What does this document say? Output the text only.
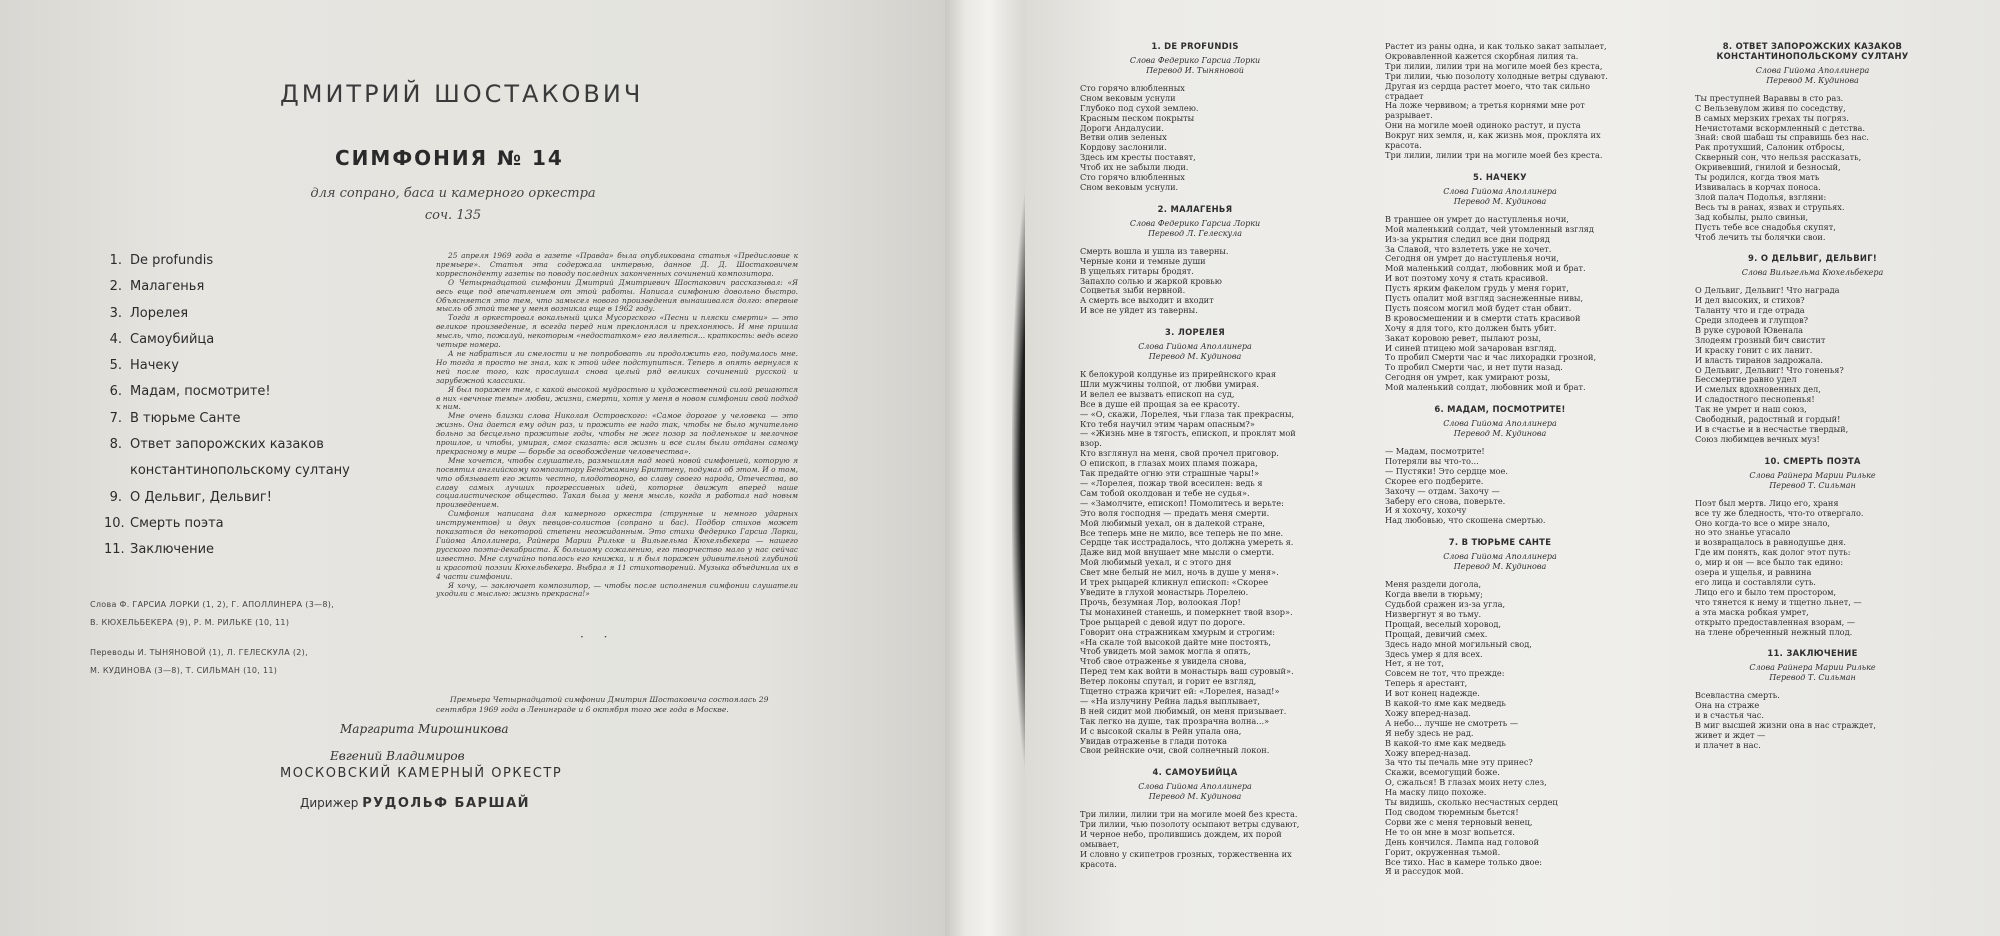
ДМИТРИЙ ШОСТАКОВИЧ
СИМФОНИЯ № 14
для сопрано, баса и камерного оркестра
соч. 135
1. De profundis
2. Малагенья
3. Лорелея
4. Самоубийца
5. Начеку
6. Мадам, посмотрите!
7. В тюрьме Санте
8. Ответ запорожских казаков
константинопольскому султану
9. О Дельвиг, Дельвиг!
10. Смерть поэта
11. Заключение
Слова Ф. ГАРСИА ЛОРКИ (1, 2), Г. АПОЛЛИНЕРА (3—8),
В. КЮХЕЛЬБЕКЕРА (9), Р. М. РИЛЬКЕ (10, 11)
Переводы И. ТЫНЯНОВОЙ (1), Л. ГЕЛЕСКУЛА (2),
М. КУДИНОВА (3—8), Т. СИЛЬМАН (10, 11)

25 апреля 1969 года в газете «Правда» была опубликована статья «Предисловие к премьере». Статья эта содержала интервью, данное Д. Д. Шостаковичем корреспонденту газеты по поводу последних законченных сочинений композитора.

О Четырнадцатой симфонии Дмитрий Дмитриевич Шостакович рассказывал: «Я весь еще под впечатлением от этой работы. Написал симфонию довольно быстро. Объясняется это тем, что замысел нового произведения вынашивался долго: впервые мысль об этой теме у меня возникла еще в 1962 году.

Тогда я оркестровал вокальный цикл Мусоргского «Песни и пляски смерти» — это великое произведение, я всегда перед ним преклонялся и преклоняюсь. И мне пришла мысль, что, пожалуй, некоторым «недостатком» его является... краткость: ведь всего четыре номера.

А не набраться ли смелости и не попробовать ли продолжить его, подумалось мне. Но тогда я просто не знал, как к этой идее подступиться. Теперь я опять вернулся к ней после того, как прослушал снова целый ряд великих сочинений русской и зарубежной классики.

Я был поражен тем, с какой высокой мудростью и художественной силой решаются в них «вечные темы» любви, жизни, смерти, хотя у меня в новом симфонии свой подход к ним.

Мне очень близки слова Николая Островского: «Самое дорогое у человека — это жизнь. Она дается ему один раз, и прожить ее надо так, чтобы не было мучительно больно за бесцельно прожитые годы, чтобы не жег позор за подленькое и мелочное прошлое, и чтобы, умирая, смог сказать: вся жизнь и все силы были отданы самому прекрасному в мире — борьбе за освобождение человечества».

Мне хочется, чтобы слушатель, размышляя над моей новой симфонией, которую я посвятил английскому композитору Бенджамину Бриттену, подумал об этом. И о том, что обязывает его жить честно, плодотворно, во славу своего народа, Отечества, во славу самых лучших прогрессивных идей, которые движут вперед наше социалистическое общество. Такая была у меня мысль, когда я работал над новым произведением.

Симфония написана для камерного оркестра (струнные и немного ударных инструментов) и двух певцов-солистов (сопрано и бас). Подбор стихов может показаться до некоторой степени неожиданным. Это стихи Федерико Гарсиа Лорки, Гийома Аполлинера, Райнера Марии Рильке и Вильгельма Кюхельбекера — нашего русского поэта-декабриста. К большому сожалению, его творчество мало у нас сейчас известно. Мне случайно попалось его книжка, и я был поражен удивительной глубиной и красотой поэзии Кюхельбекера. Выбрал я 11 стихотворений. Музыка объединила их в 4 части симфонии.

Я хочу, — заключает композитор, — чтобы после исполнения симфонии слушатели уходили с мыслью: жизнь прекрасна!»

· ·
Премьера Четырнадцатой симфонии Дмитрия Шостаковича состоялась 29 сентября 1969 года в Ленинграде и 6 октября того же года в Москве.
Маргарита Мирошникова
Евгений Владимиров
МОСКОВСКИЙ КАМЕРНЫЙ ОРКЕСТР
Дирижер РУДОЛЬФ БАРШАЙ
1. DE PROFUNDIS
Слова Федерико Гарсиа Лорки
Перевод И. Тыняновой
Сто горячо влюбленных
Сном вековым уснули
Глубоко под сухой землею.
Красным песком покрыты
Дороги Андалусии.
Ветви олив зеленых
Кордову заслонили.
Здесь им кресты поставят,
Чтоб их не забыли люди.
Сто горячо влюбленных
Сном вековым уснули.
2. МАЛАГЕНЬЯ
Слова Федерико Гарсиа Лорки
Перевод Л. Гелескула
Смерть вошла и ушла из таверны.
Черные кони и темные души
В ущельях гитары бродят.
Запахло солью и жаркой кровью
Соцветья зыби нервной.
А смерть все выходит и входит
И все не уйдет из таверны.
3. ЛОРЕЛЕЯ
Слова Гийома Аполлинера
Перевод М. Кудинова
К белокурой колдунье из прирейнского края
Шли мужчины толпой, от любви умирая.
И велел ее вызвать епископ на суд,
Все в душе ей прощая за ее красоту.
— «О, скажи, Лорелея, чьи глаза так прекрасны,
Кто тебя научил этим чарам опасным?»
— «Жизнь мне в тягость, епископ, и проклят мой взор.
Кто взглянул на меня, свой прочел приговор.
О епископ, в глазах моих пламя пожара,
Так предайте огню эти страшные чары!»
— «Лорелея, пожар твой всесилен: ведь я
Сам тобой околдован и тебе не судья».
— «Замолчите, епископ! Помолитесь и верьте:
Это воля господня — предать меня смерти.
Мой любимый уехал, он в далекой стране,
Все теперь мне не мило, все теперь не по мне.
Сердце так исстрадалось, что должна умереть я.
Даже вид мой внушает мне мысли о смерти.
Мой любимый уехал, и с этого дня
Свет мне белый не мил, ночь в душе у меня».
И трех рыцарей кликнул епископ: «Скорее
Уведите в глухой монастырь Лорелею.
Прочь, безумная Лор, волоокая Лор!
Ты монахиней станешь, и померкнет твой взор».
Трое рыцарей с девой идут по дороге.
Говорит она стражникам хмурым и строгим:
«На скале той высокой дайте мне постоять,
Чтоб увидеть мой замок могла я опять,
Чтоб свое отраженье я увидела снова,
Перед тем как войти в монастырь ваш суровый».
Ветер локоны спутал, и горит ее взгляд,
Тщетно стража кричит ей: «Лорелея, назад!»
— «На излучину Рейна ладья выплывает,
В ней сидит мой любимый, он меня призывает.
Так легко на душе, так прозрачна волна...»
И с высокой скалы в Рейн упала она,
Увидав отраженье в глади потока
Свои рейнские очи, свой солнечный локон.
4. САМОУБИЙЦА
Слова Гийома Аполлинера
Перевод М. Кудинова
Три лилии, лилии три на могиле моей без креста.
Три лилии, чью позолоту осыпают ветры сдувают,
И черное небо, пролившись дождем, их порой омывает,
И словно у скипетров грозных, торжественна их красота.
Растет из раны одна, и как только закат запылает,
Окровавленной кажется скорбная лилия та.
Три лилии, лилии три на могиле моей без креста,
Три лилии, чью позолоту холодные ветры сдувают.
Другая из сердца растет моего, что так сильно страдает
На ложе червивом; а третья корнями мне рот разрывает.
Они на могиле моей одиноко растут, и пуста
Вокруг них земля, и, как жизнь моя, проклята их красота.
Три лилии, лилии три на могиле моей без креста.
5. НАЧЕКУ
Слова Гийома Аполлинера
Перевод М. Кудинова
В траншее он умрет до наступленья ночи,
Мой маленький солдат, чей утомленный взгляд
Из-за укрытия следил все дни подряд
За Славой, что взлететь уже не хочет.
Сегодня он умрет до наступленья ночи,
Мой маленький солдат, любовник мой и брат.
И вот поэтому хочу я стать красивой.
Пусть ярким факелом грудь у меня горит,
Пусть опалит мой взгляд заснеженные нивы,
Пусть поясом могил мой будет стан обвит.
В кровосмешении и в смерти стать красивой
Хочу я для того, кто должен быть убит.
Закат коровою ревет, пылают розы,
И синей птицею мой зачарован взгляд.
То пробил Смерти час и час лихорадки грозной,
То пробил Смерти час, и нет пути назад.
Сегодня он умрет, как умирают розы,
Мой маленький солдат, любовник мой и брат.
6. МАДАМ, ПОСМОТРИТЕ!
Слова Гийома Аполлинера
Перевод М. Кудинова
— Мадам, посмотрите!
Потеряли вы что-то...
— Пустяки! Это сердце мое.
Скорее его подберите.
Захочу — отдам. Захочу —
Заберу его снова, поверьте.
И я хохочу, хохочу
Над любовью, что скошена смертью.
7. В ТЮРЬМЕ САНТЕ
Слова Гийома Аполлинера
Перевод М. Кудинова
Меня раздели догола,
Когда ввели в тюрьму;
Судьбой сражен из-за угла,
Низвергнут я во тьму.
Прощай, веселый хоровод,
Прощай, девичий смех.
Здесь надо мной могильный свод,
Здесь умер я для всех.
Нет, я не тот,
Совсем не тот, что прежде:
Теперь я арестант,
И вот конец надежде.
В какой-то яме как медведь
Хожу вперед-назад.
А небо... лучше не смотреть —
Я небу здесь не рад.
В какой-то яме как медведь
Хожу вперед-назад.
За что ты печаль мне эту принес?
Скажи, всемогущий боже.
О, сжалься! В глазах моих нету слез,
На маску лицо похоже.
Ты видишь, сколько несчастных сердец
Под сводом тюремным бьется!
Сорви же с меня терновый венец,
Не то он мне в мозг вопьется.
День кончился. Лампа над головой
Горит, окруженная тьмой.
Все тихо. Нас в камере только двое:
Я и рассудок мой.
8. ОТВЕТ ЗАПОРОЖСКИХ КАЗАКОВ
КОНСТАНТИНОПОЛЬСКОМУ СУЛТАНУ
Слова Гийома Аполлинера
Перевод М. Кудинова
Ты преступней Вараввы в сто раз.
С Вельзевулом живя по соседству,
В самых мерзких грехах ты погряз.
Нечистотами вскормленный с детства.
Знай: свой шабаш ты справишь без нас.
Рак протухший, Салоник отбросы,
Скверный сон, что нельзя рассказать,
Окривевший, гнилой и безносый,
Ты родился, когда твоя мать
Извивалась в корчах поноса.
Злой палач Подолья, взгляни:
Весь ты в ранах, язвах и струпьях.
Зад кобылы, рыло свиньи,
Пусть тебе все снадобья скупят,
Чтоб лечить ты болячки свои.
9. О ДЕЛЬВИГ, ДЕЛЬВИГ!
Слова Вильгельма Кюхельбекера
О Дельвиг, Дельвиг! Что награда
И дел высоких, и стихов?
Таланту что и где отрада
Среди злодеев и глупцов?
В руке суровой Ювенала
Злодеям грозный бич свистит
И краску гонит с их ланит.
И власть тиранов задрожала.
О Дельвиг, Дельвиг! Что гоненья?
Бессмертие равно удел
И смелых вдохновенных дел,
И сладостного песнопенья!
Так не умрет и наш союз,
Свободный, радостный и гордый!
И в счастье и в несчастье твердый,
Союз любимцев вечных муз!
10. СМЕРТЬ ПОЭТА
Слова Райнера Марии Рильке
Перевод Т. Сильман
Поэт был мертв. Лицо его, храня
все ту же бледность, что-то отвергало.
Оно когда-то все о мире знало,
но это знанье угасало
и возвращалось в равнодушье дня.
Где им понять, как долог этот путь:
о, мир и он — все было так едино:
озера и ущелья, и равнина
его лица и составляли суть.
Лицо его и было тем простором,
что тянется к нему и тщетно льнет, —
а эта маска робкая умрет,
открыто предоставленная взорам, —
на тлене обреченный нежный плод.
11. ЗАКЛЮЧЕНИЕ
Слова Райнера Марии Рильке
Перевод Т. Сильман
Всевластна смерть.
Она на страже
и в счастья час.
В миг высшей жизни она в нас страждет,
живет и ждет —
и плачет в нас.
